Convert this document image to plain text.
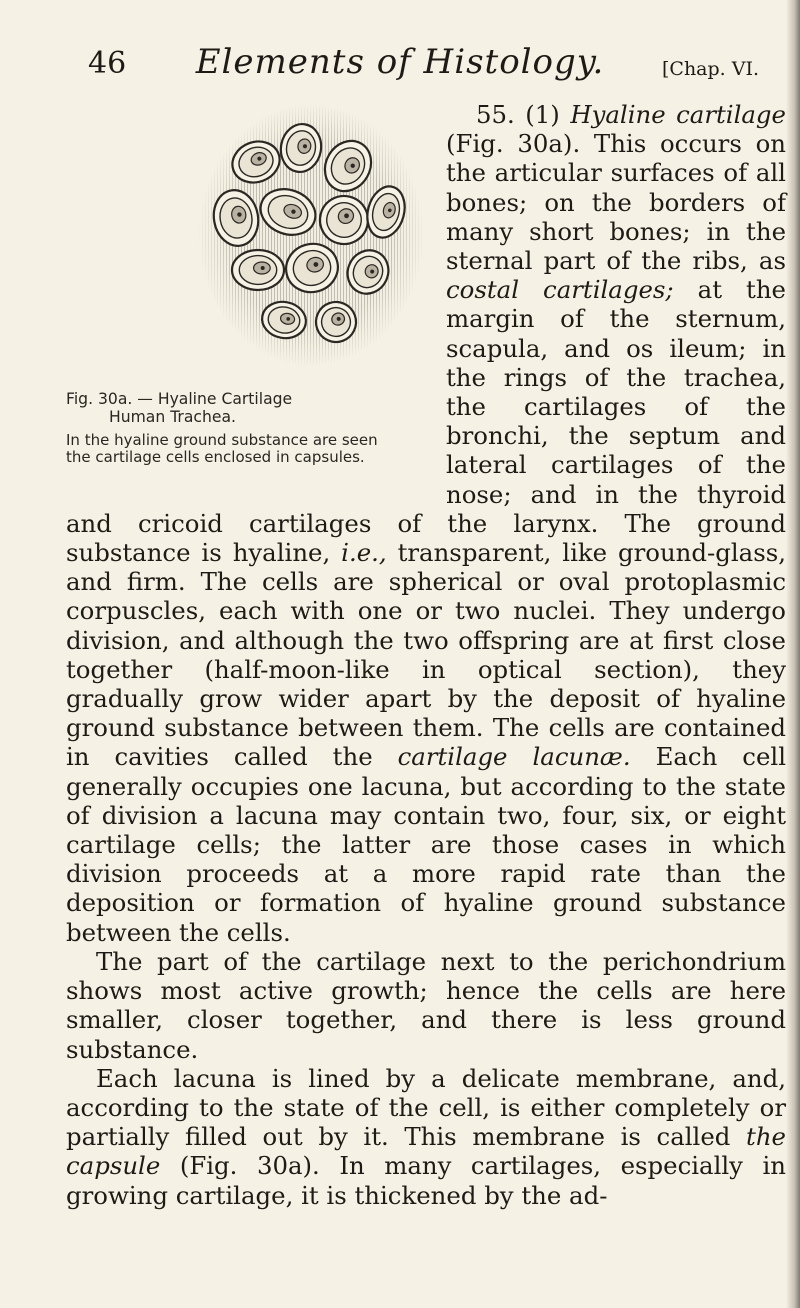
46	Elements of Histology.	[Chap. VI.
Fig. 30a. — Hyaline Cartilage
Human Trachea.
In the hyaline ground substance are seen the cartilage cells enclosed in capsules.

55. (1) Hyaline cartilage (Fig. 30a). This occurs on the articular surfaces of all bones; on the borders of many short bones; in the sternal part of the ribs, as costal cartilages; at the margin of the sternum, scapula, and os ileum; in the rings of the trachea, the cartilages of the bronchi, the septum and lateral cartilages of the nose; and in the thyroid and cricoid cartilages of the larynx. The ground substance is hyaline, i.e., transparent, like ground-glass, and firm. The cells are spherical or oval protoplasmic corpuscles, each with one or two nuclei. They undergo division, and although the two offspring are at first close together (half-moon-like in optical section), they gradually grow wider apart by the deposit of hyaline ground substance between them. The cells are contained in cavities called the cartilage lacunæ. Each cell generally occupies one lacuna, but according to the state of division a lacuna may contain two, four, six, or eight cartilage cells; the latter are those cases in which division proceeds at a more rapid rate than the deposition or formation of hyaline ground substance between the cells.

The part of the cartilage next to the perichondrium shows most active growth; hence the cells are here smaller, closer together, and there is less ground substance.

Each lacuna is lined by a delicate membrane, and, according to the state of the cell, is either completely or partially filled out by it. This membrane is called the capsule (Fig. 30a). In many cartilages, especially in growing cartilage, it is thickened by the ad-
